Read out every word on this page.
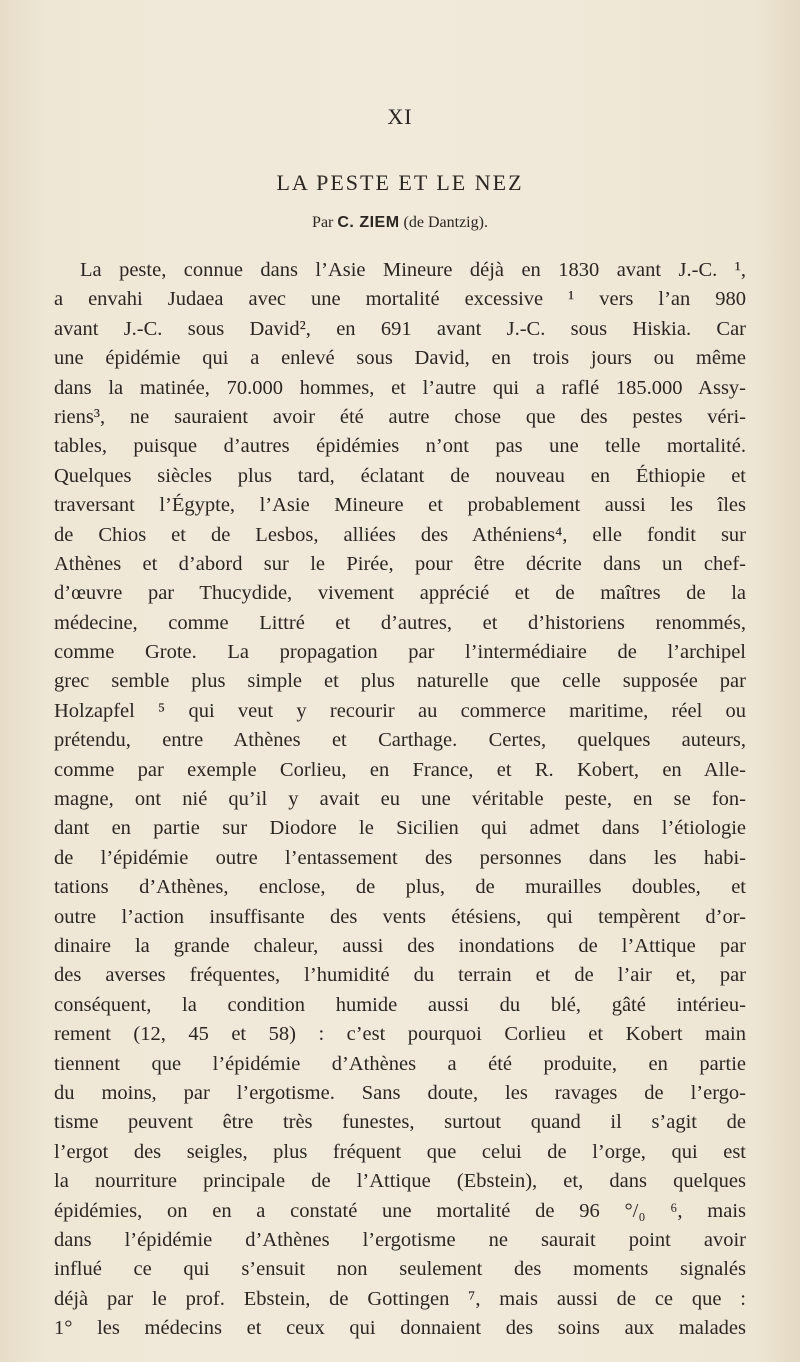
XI
LA PESTE ET LE NEZ
Par C. ZIEM (de Dantzig).
La peste, connue dans l’Asie Mineure déjà en 1830 avant J.-C. ¹,
a envahi Judaea avec une mortalité excessive ¹ vers l’an 980
avant J.-C. sous David², en 691 avant J.-C. sous Hiskia. Car
une épidémie qui a enlevé sous David, en trois jours ou même
dans la matinée, 70.000 hommes, et l’autre qui a raflé 185.000 Assy-
riens³, ne sauraient avoir été autre chose que des pestes véri-
tables, puisque d’autres épidémies n’ont pas une telle mortalité.
Quelques siècles plus tard, éclatant de nouveau en Éthiopie et
traversant l’Égypte, l’Asie Mineure et probablement aussi les îles
de Chios et de Lesbos, alliées des Athéniens⁴, elle fondit sur
Athènes et d’abord sur le Pirée, pour être décrite dans un chef-
d’œuvre par Thucydide, vivement apprécié et de maîtres de la
médecine, comme Littré et d’autres, et d’historiens renommés,
comme Grote. La propagation par l’intermédiaire de l’archipel
grec semble plus simple et plus naturelle que celle supposée par
Holzapfel ⁵ qui veut y recourir au commerce maritime, réel ou
prétendu, entre Athènes et Carthage. Certes, quelques auteurs,
comme par exemple Corlieu, en France, et R. Kobert, en Alle-
magne, ont nié qu’il y avait eu une véritable peste, en se fon-
dant en partie sur Diodore le Sicilien qui admet dans l’étiologie
de l’épidémie outre l’entassement des personnes dans les habi-
tations d’Athènes, enclose, de plus, de murailles doubles, et
outre l’action insuffisante des vents étésiens, qui tempèrent d’or-
dinaire la grande chaleur, aussi des inondations de l’Attique par
des averses fréquentes, l’humidité du terrain et de l’air et, par
conséquent, la condition humide aussi du blé, gâté intérieu-
rement (12, 45 et 58) : c’est pourquoi Corlieu et Kobert main
tiennent que l’épidémie d’Athènes a été produite, en partie
du moins, par l’ergotisme. Sans doute, les ravages de l’ergo-
tisme peuvent être très funestes, surtout quand il s’agit de
l’ergot des seigles, plus fréquent que celui de l’orge, qui est
la nourriture principale de l’Attique (Ebstein), et, dans quelques
épidémies, on en a constaté une mortalité de 96 °/₀ ⁶, mais
dans l’épidémie d’Athènes l’ergotisme ne saurait point avoir
influé ce qui s’ensuit non seulement des moments signalés
déjà par le prof. Ebstein, de Gottingen ⁷, mais aussi de ce que :
1° les médecins et ceux qui donnaient des soins aux malades
